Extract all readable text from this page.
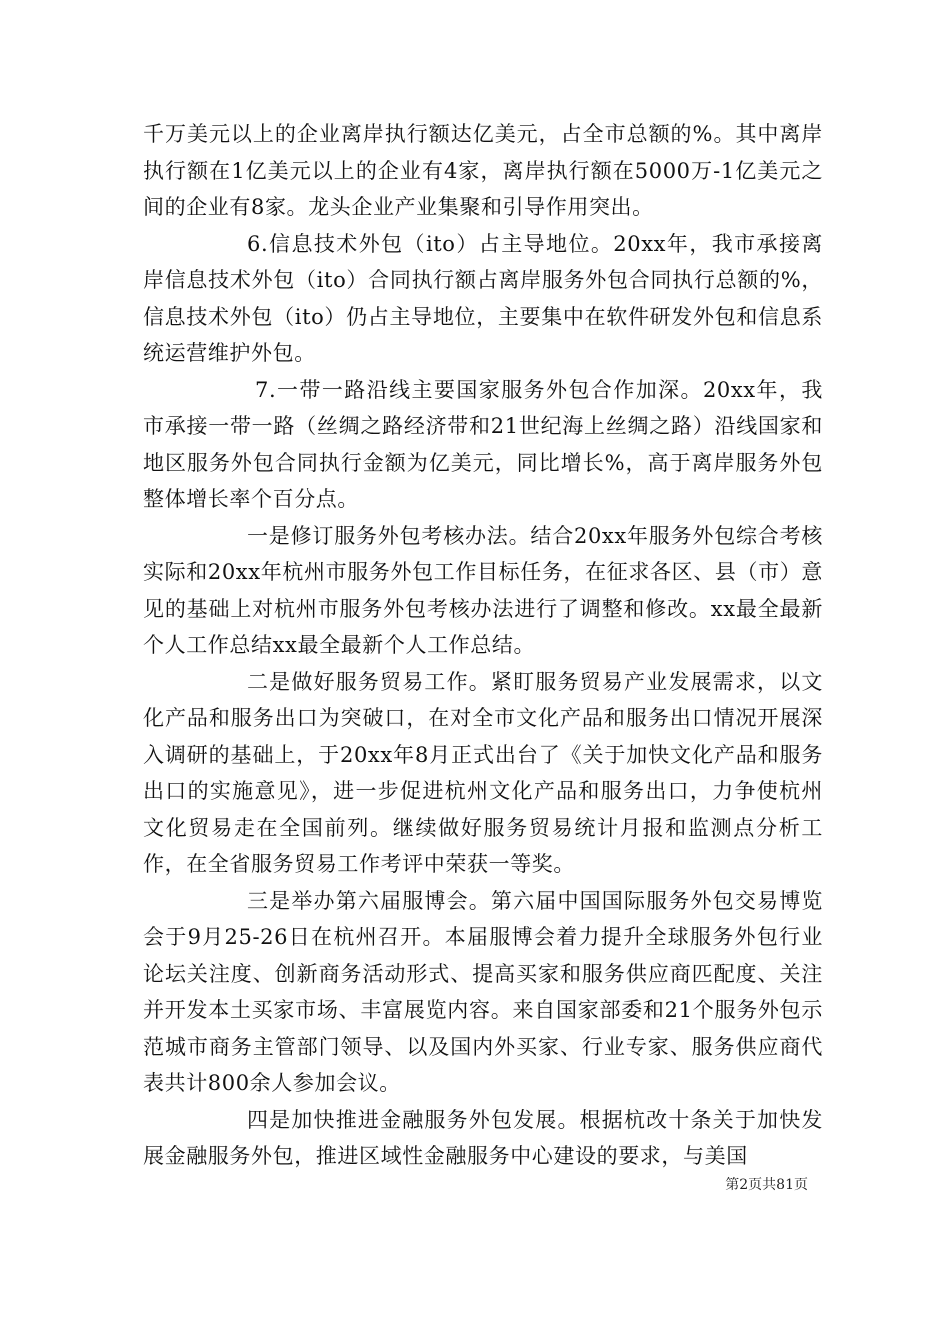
千万美元以上的企业离岸执行额达亿美元，占全市总额的%。其中离岸执行额在1亿美元以上的企业有4家，离岸执行额在5000万-1亿美元之间的企业有8家。龙头企业产业集聚和引导作用突出。

6.信息技术外包（ito）占主导地位。20xx年，我市承接离岸信息技术外包（ito）合同执行额占离岸服务外包合同执行总额的%，信息技术外包（ito）仍占主导地位，主要集中在软件研发外包和信息系统运营维护外包。

7.一带一路沿线主要国家服务外包合作加深。20xx年，我市承接一带一路（丝绸之路经济带和21世纪海上丝绸之路）沿线国家和地区服务外包合同执行金额为亿美元，同比增长%，高于离岸服务外包整体增长率个百分点。

一是修订服务外包考核办法。结合20xx年服务外包综合考核实际和20xx年杭州市服务外包工作目标任务，在征求各区、县（市）意见的基础上对杭州市服务外包考核办法进行了调整和修改。xx最全最新个人工作总结xx最全最新个人工作总结。

二是做好服务贸易工作。紧盯服务贸易产业发展需求，以文化产品和服务出口为突破口，在对全市文化产品和服务出口情况开展深入调研的基础上，于20xx年8月正式出台了《关于加快文化产品和服务出口的实施意见》，进一步促进杭州文化产品和服务出口，力争使杭州文化贸易走在全国前列。继续做好服务贸易统计月报和监测点分析工作，在全省服务贸易工作考评中荣获一等奖。

三是举办第六届服博会。第六届中国国际服务外包交易博览会于9月25-26日在杭州召开。本届服博会着力提升全球服务外包行业论坛关注度、创新商务活动形式、提高买家和服务供应商匹配度、关注并开发本土买家市场、丰富展览内容。来自国家部委和21个服务外包示范城市商务主管部门领导、以及国内外买家、行业专家、服务供应商代表共计800余人参加会议。

四是加快推进金融服务外包发展。根据杭改十条关于加快发展金融服务外包，推进区域性金融服务中心建设的要求，与美国

第2页共81页
